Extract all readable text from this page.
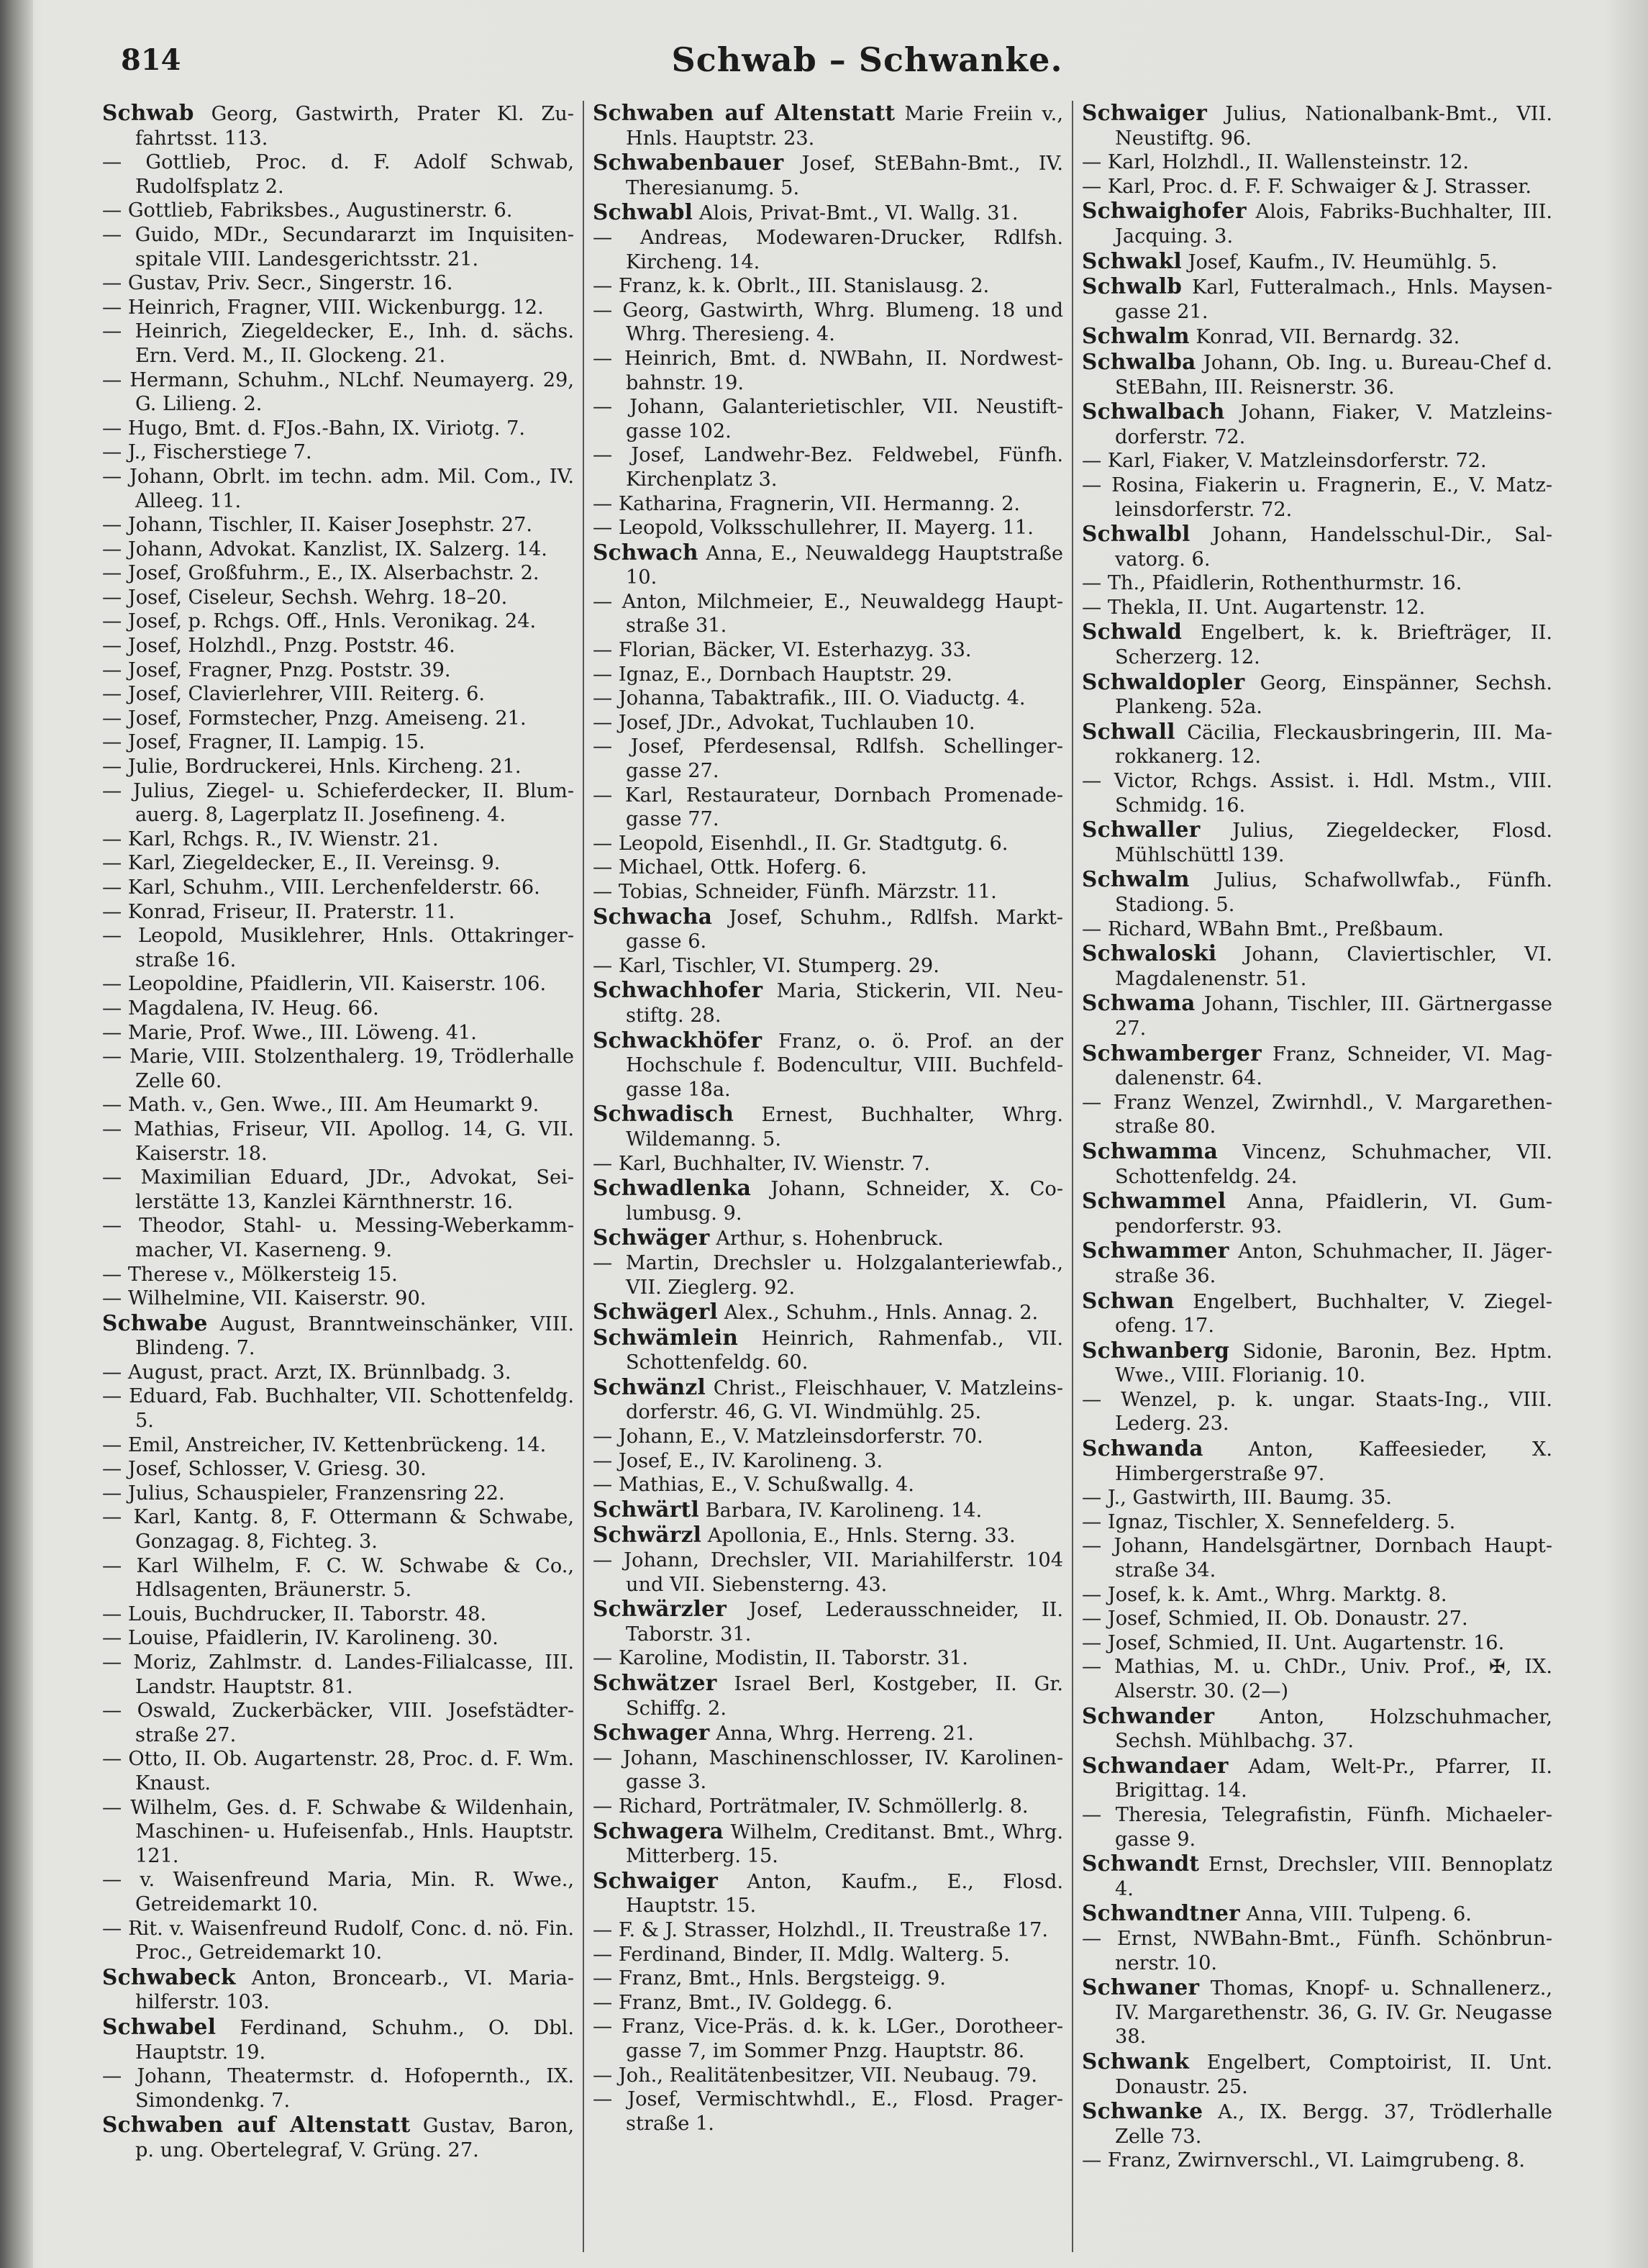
814	Schwab – Schwanke.

Schwab Georg, Gastwirth, Prater Kl. Zufahrtsst. 113.

— Gottlieb, Proc. d. F. Adolf Schwab, Rudolfsplatz 2.

— Gottlieb, Fabriksbes., Augustinerstr. 6.

— Guido, MDr., Secundararzt im Inquisitenspitale VIII. Landesgerichtsstr. 21.

— Gustav, Priv. Secr., Singerstr. 16.

— Heinrich, Fragner, VIII. Wickenburgg. 12.

— Heinrich, Ziegeldecker, E., Inh. d. sächs. Ern. Verd. M., II. Glockeng. 21.

— Hermann, Schuhm., NLchf. Neumayerg. 29, G. Lilieng. 2.

— Hugo, Bmt. d. FJos.-Bahn, IX. Viriotg. 7.

— J., Fischerstiege 7.

— Johann, Obrlt. im techn. adm. Mil. Com., IV. Alleeg. 11.

— Johann, Tischler, II. Kaiser Josephstr. 27.

— Johann, Advokat. Kanzlist, IX. Salzerg. 14.

— Josef, Großfuhrm., E., IX. Alserbachstr. 2.

— Josef, Ciseleur, Sechsh. Wehrg. 18–20.

— Josef, p. Rchgs. Off., Hnls. Veronikag. 24.

— Josef, Holzhdl., Pnzg. Poststr. 46.

— Josef, Fragner, Pnzg. Poststr. 39.

— Josef, Clavierlehrer, VIII. Reiterg. 6.

— Josef, Formstecher, Pnzg. Ameiseng. 21.

— Josef, Fragner, II. Lampig. 15.

— Julie, Bordruckerei, Hnls. Kircheng. 21.

— Julius, Ziegel- u. Schieferdecker, II. Blumauerg. 8, Lagerplatz II. Josefineng. 4.

— Karl, Rchgs. R., IV. Wienstr. 21.

— Karl, Ziegeldecker, E., II. Vereinsg. 9.

— Karl, Schuhm., VIII. Lerchenfelderstr. 66.

— Konrad, Friseur, II. Praterstr. 11.

— Leopold, Musiklehrer, Hnls. Ottakringerstraße 16.

— Leopoldine, Pfaidlerin, VII. Kaiserstr. 106.

— Magdalena, IV. Heug. 66.

— Marie, Prof. Wwe., III. Löweng. 41.

— Marie, VIII. Stolzenthalerg. 19, Trödlerhalle Zelle 60.

— Math. v., Gen. Wwe., III. Am Heumarkt 9.

— Mathias, Friseur, VII. Apollog. 14, G. VII. Kaiserstr. 18.

— Maximilian Eduard, JDr., Advokat, Seilerstätte 13, Kanzlei Kärnthnerstr. 16.

— Theodor, Stahl- u. Messing-Weberkammmacher, VI. Kaserneng. 9.

— Therese v., Mölkersteig 15.

— Wilhelmine, VII. Kaiserstr. 90.

Schwabe August, Branntweinschänker, VIII. Blindeng. 7.

— August, pract. Arzt, IX. Brünnlbadg. 3.

— Eduard, Fab. Buchhalter, VII. Schottenfeldg. 5.

— Emil, Anstreicher, IV. Kettenbrückeng. 14.

— Josef, Schlosser, V. Griesg. 30.

— Julius, Schauspieler, Franzensring 22.

— Karl, Kantg. 8, F. Ottermann & Schwabe, Gonzagag. 8, Fichteg. 3.

— Karl Wilhelm, F. C. W. Schwabe & Co., Hdlsagenten, Bräunerstr. 5.

— Louis, Buchdrucker, II. Taborstr. 48.

— Louise, Pfaidlerin, IV. Karolineng. 30.

— Moriz, Zahlmstr. d. Landes-Filialcasse, III. Landstr. Hauptstr. 81.

— Oswald, Zuckerbäcker, VIII. Josefstädterstraße 27.

— Otto, II. Ob. Augartenstr. 28, Proc. d. F. Wm. Knaust.

— Wilhelm, Ges. d. F. Schwabe & Wildenhain, Maschinen- u. Hufeisenfab., Hnls. Hauptstr. 121.

— v. Waisenfreund Maria, Min. R. Wwe., Getreidemarkt 10.

— Rit. v. Waisenfreund Rudolf, Conc. d. nö. Fin. Proc., Getreidemarkt 10.

Schwabeck Anton, Broncearb., VI. Mariahilferstr. 103.

Schwabel Ferdinand, Schuhm., O. Dbl. Hauptstr. 19.

— Johann, Theatermstr. d. Hofopernth., IX. Simondenkg. 7.

Schwaben auf Altenstatt Gustav, Baron, p. ung. Obertelegraf, V. Grüng. 27.

Schwaben auf Altenstatt Marie Freiin v., Hnls. Hauptstr. 23.

Schwabenbauer Josef, StEBahn-Bmt., IV. Theresianumg. 5.

Schwabl Alois, Privat-Bmt., VI. Wallg. 31.

— Andreas, Modewaren-Drucker, Rdlfsh. Kircheng. 14.

— Franz, k. k. Obrlt., III. Stanislausg. 2.

— Georg, Gastwirth, Whrg. Blumeng. 18 und Whrg. Theresieng. 4.

— Heinrich, Bmt. d. NWBahn, II. Nordwestbahnstr. 19.

— Johann, Galanterietischler, VII. Neustiftgasse 102.

— Josef, Landwehr-Bez. Feldwebel, Fünfh. Kirchenplatz 3.

— Katharina, Fragnerin, VII. Hermanng. 2.

— Leopold, Volksschullehrer, II. Mayerg. 11.

Schwach Anna, E., Neuwaldegg Hauptstraße 10.

— Anton, Milchmeier, E., Neuwaldegg Hauptstraße 31.

— Florian, Bäcker, VI. Esterhazyg. 33.

— Ignaz, E., Dornbach Hauptstr. 29.

— Johanna, Tabaktrafik., III. O. Viaductg. 4.

— Josef, JDr., Advokat, Tuchlauben 10.

— Josef, Pferdesensal, Rdlfsh. Schellingergasse 27.

— Karl, Restaurateur, Dornbach Promenadegasse 77.

— Leopold, Eisenhdl., II. Gr. Stadtgutg. 6.

— Michael, Ottk. Hoferg. 6.

— Tobias, Schneider, Fünfh. Märzstr. 11.

Schwacha Josef, Schuhm., Rdlfsh. Marktgasse 6.

— Karl, Tischler, VI. Stumperg. 29.

Schwachhofer Maria, Stickerin, VII. Neustiftg. 28.

Schwackhöfer Franz, o. ö. Prof. an der Hochschule f. Bodencultur, VIII. Buchfeldgasse 18a.

Schwadisch Ernest, Buchhalter, Whrg. Wildemanng. 5.

— Karl, Buchhalter, IV. Wienstr. 7.

Schwadlenka Johann, Schneider, X. Columbusg. 9.

Schwäger Arthur, s. Hohenbruck.

— Martin, Drechsler u. Holzgalanteriewfab., VII. Zieglerg. 92.

Schwägerl Alex., Schuhm., Hnls. Annag. 2.

Schwämlein Heinrich, Rahmenfab., VII. Schottenfeldg. 60.

Schwänzl Christ., Fleischhauer, V. Matzleinsdorferstr. 46, G. VI. Windmühlg. 25.

— Johann, E., V. Matzleinsdorferstr. 70.

— Josef, E., IV. Karolineng. 3.

— Mathias, E., V. Schußwallg. 4.

Schwärtl Barbara, IV. Karolineng. 14.

Schwärzl Apollonia, E., Hnls. Sterng. 33.

— Johann, Drechsler, VII. Mariahilferstr. 104 und VII. Siebensterng. 43.

Schwärzler Josef, Lederausschneider, II. Taborstr. 31.

— Karoline, Modistin, II. Taborstr. 31.

Schwätzer Israel Berl, Kostgeber, II. Gr. Schiffg. 2.

Schwager Anna, Whrg. Herreng. 21.

— Johann, Maschinenschlosser, IV. Karolinengasse 3.

— Richard, Porträtmaler, IV. Schmöllerlg. 8.

Schwagera Wilhelm, Creditanst. Bmt., Whrg. Mitterberg. 15.

Schwaiger Anton, Kaufm., E., Flosd. Hauptstr. 15.

— F. & J. Strasser, Holzhdl., II. Treustraße 17.

— Ferdinand, Binder, II. Mdlg. Walterg. 5.

— Franz, Bmt., Hnls. Bergsteigg. 9.

— Franz, Bmt., IV. Goldegg. 6.

— Franz, Vice-Präs. d. k. k. LGer., Dorotheergasse 7, im Sommer Pnzg. Hauptstr. 86.

— Joh., Realitätenbesitzer, VII. Neubaug. 79.

— Josef, Vermischtwhdl., E., Flosd. Pragerstraße 1.

Schwaiger Julius, Nationalbank-Bmt., VII. Neustiftg. 96.

— Karl, Holzhdl., II. Wallensteinstr. 12.

— Karl, Proc. d. F. F. Schwaiger & J. Strasser.

Schwaighofer Alois, Fabriks-Buchhalter, III. Jacquing. 3.

Schwakl Josef, Kaufm., IV. Heumühlg. 5.

Schwalb Karl, Futteralmach., Hnls. Maysengasse 21.

Schwalm Konrad, VII. Bernardg. 32.

Schwalba Johann, Ob. Ing. u. Bureau-Chef d. StEBahn, III. Reisnerstr. 36.

Schwalbach Johann, Fiaker, V. Matzleinsdorferstr. 72.

— Karl, Fiaker, V. Matzleinsdorferstr. 72.

— Rosina, Fiakerin u. Fragnerin, E., V. Matzleinsdorferstr. 72.

Schwalbl Johann, Handelsschul-Dir., Salvatorg. 6.

— Th., Pfaidlerin, Rothenthurmstr. 16.

— Thekla, II. Unt. Augartenstr. 12.

Schwald Engelbert, k. k. Briefträger, II. Scherzerg. 12.

Schwaldopler Georg, Einspänner, Sechsh. Plankeng. 52a.

Schwall Cäcilia, Fleckausbringerin, III. Marokkanerg. 12.

— Victor, Rchgs. Assist. i. Hdl. Mstm., VIII. Schmidg. 16.

Schwaller Julius, Ziegeldecker, Flosd. Mühlschüttl 139.

Schwalm Julius, Schafwollwfab., Fünfh. Stadiong. 5.

— Richard, WBahn Bmt., Preßbaum.

Schwaloski Johann, Claviertischler, VI. Magdalenenstr. 51.

Schwama Johann, Tischler, III. Gärtnergasse 27.

Schwamberger Franz, Schneider, VI. Magdalenenstr. 64.

— Franz Wenzel, Zwirnhdl., V. Margarethenstraße 80.

Schwamma Vincenz, Schuhmacher, VII. Schottenfeldg. 24.

Schwammel Anna, Pfaidlerin, VI. Gumpendorferstr. 93.

Schwammer Anton, Schuhmacher, II. Jägerstraße 36.

Schwan Engelbert, Buchhalter, V. Ziegelofeng. 17.

Schwanberg Sidonie, Baronin, Bez. Hptm. Wwe., VIII. Florianig. 10.

— Wenzel, p. k. ungar. Staats-Ing., VIII. Lederg. 23.

Schwanda Anton, Kaffeesieder, X. Himbergerstraße 97.

— J., Gastwirth, III. Baumg. 35.

— Ignaz, Tischler, X. Sennefelderg. 5.

— Johann, Handelsgärtner, Dornbach Hauptstraße 34.

— Josef, k. k. Amt., Whrg. Marktg. 8.

— Josef, Schmied, II. Ob. Donaustr. 27.

— Josef, Schmied, II. Unt. Augartenstr. 16.

— Mathias, M. u. ChDr., Univ. Prof., ✠, IX. Alserstr. 30. (2—)

Schwander Anton, Holzschuhmacher, Sechsh. Mühlbachg. 37.

Schwandaer Adam, Welt-Pr., Pfarrer, II. Brigittag. 14.

— Theresia, Telegrafistin, Fünfh. Michaelergasse 9.

Schwandt Ernst, Drechsler, VIII. Bennoplatz 4.

Schwandtner Anna, VIII. Tulpeng. 6.

— Ernst, NWBahn-Bmt., Fünfh. Schönbrunnerstr. 10.

Schwaner Thomas, Knopf- u. Schnallenerz., IV. Margarethenstr. 36, G. IV. Gr. Neugasse 38.

Schwank Engelbert, Comptoirist, II. Unt. Donaustr. 25.

Schwanke A., IX. Bergg. 37, Trödlerhalle Zelle 73.

— Franz, Zwirnverschl., VI. Laimgrubeng. 8.
